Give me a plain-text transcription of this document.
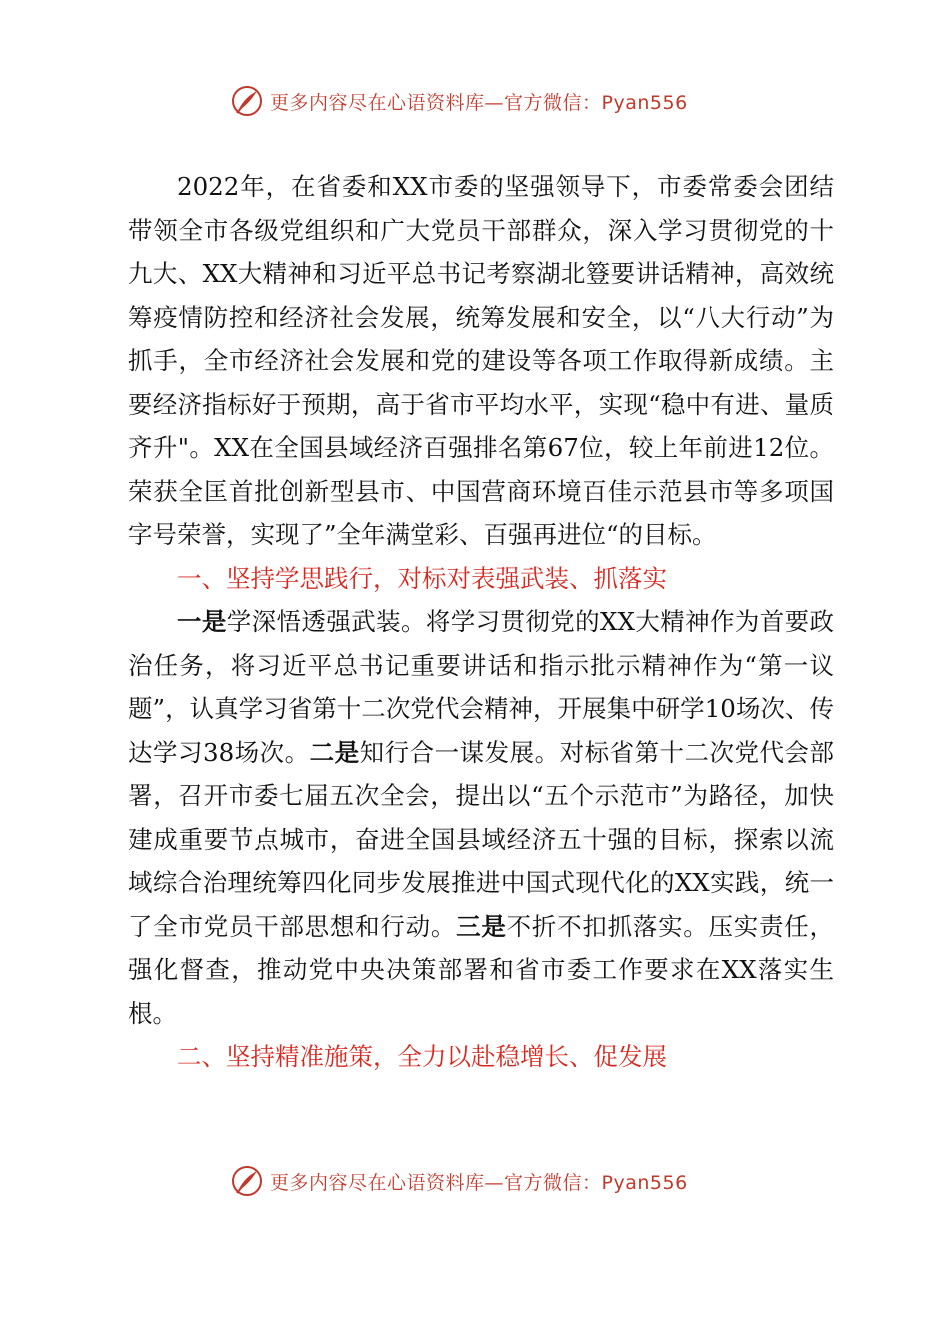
更多内容尽在心语资料库—官方微信：Pyan556

2022年，在省委和XX市委的坚强领导下，市委常委会团结带领全市各级党组织和广大党员干部群众，深入学习贯彻党的十九大、XX大精神和习近平总书记考察湖北簦要讲话精神，高效统筹疫情防控和经济社会发展，统筹发展和安全，以“八大行动”为抓手，全市经济社会发展和党的建设等各项工作取得新成绩。主要经济指标好于预期，高于省市平均水平，实现“稳中有进、量质齐升"。XX在全国县域经济百强排名第67位，较上年前进12位。荣获全匡首批创新型县市、中国营商环境百佳示范县市等多项国字号荣誉，实现了”全年满堂彩、百强再进位“的目标。

一、坚持学思践行，对标对表强武装、抓落实

一是学深悟透强武装。将学习贯彻党的XX大精神作为首要政治任务，将习近平总书记重要讲话和指示批示精神作为“第一议题”，认真学习省第十二次党代会精神，开展集中研学10场次、传达学习38场次。二是知行合一谋发展。对标省第十二次党代会部署，召开市委七届五次全会，提出以“五个示范市”为路径，加快建成重要节点城市，奋进全国县域经济五十强的目标，探索以流域综合治理统筹四化同步发展推进中国式现代化的XX实践，统一了全市党员干部思想和行动。三是不折不扣抓落实。压实责任，强化督查，推动党中央决策部署和省市委工作要求在XX落实生根。

二、坚持精准施策，全力以赴稳增长、促发展

更多内容尽在心语资料库—官方微信：Pyan556
